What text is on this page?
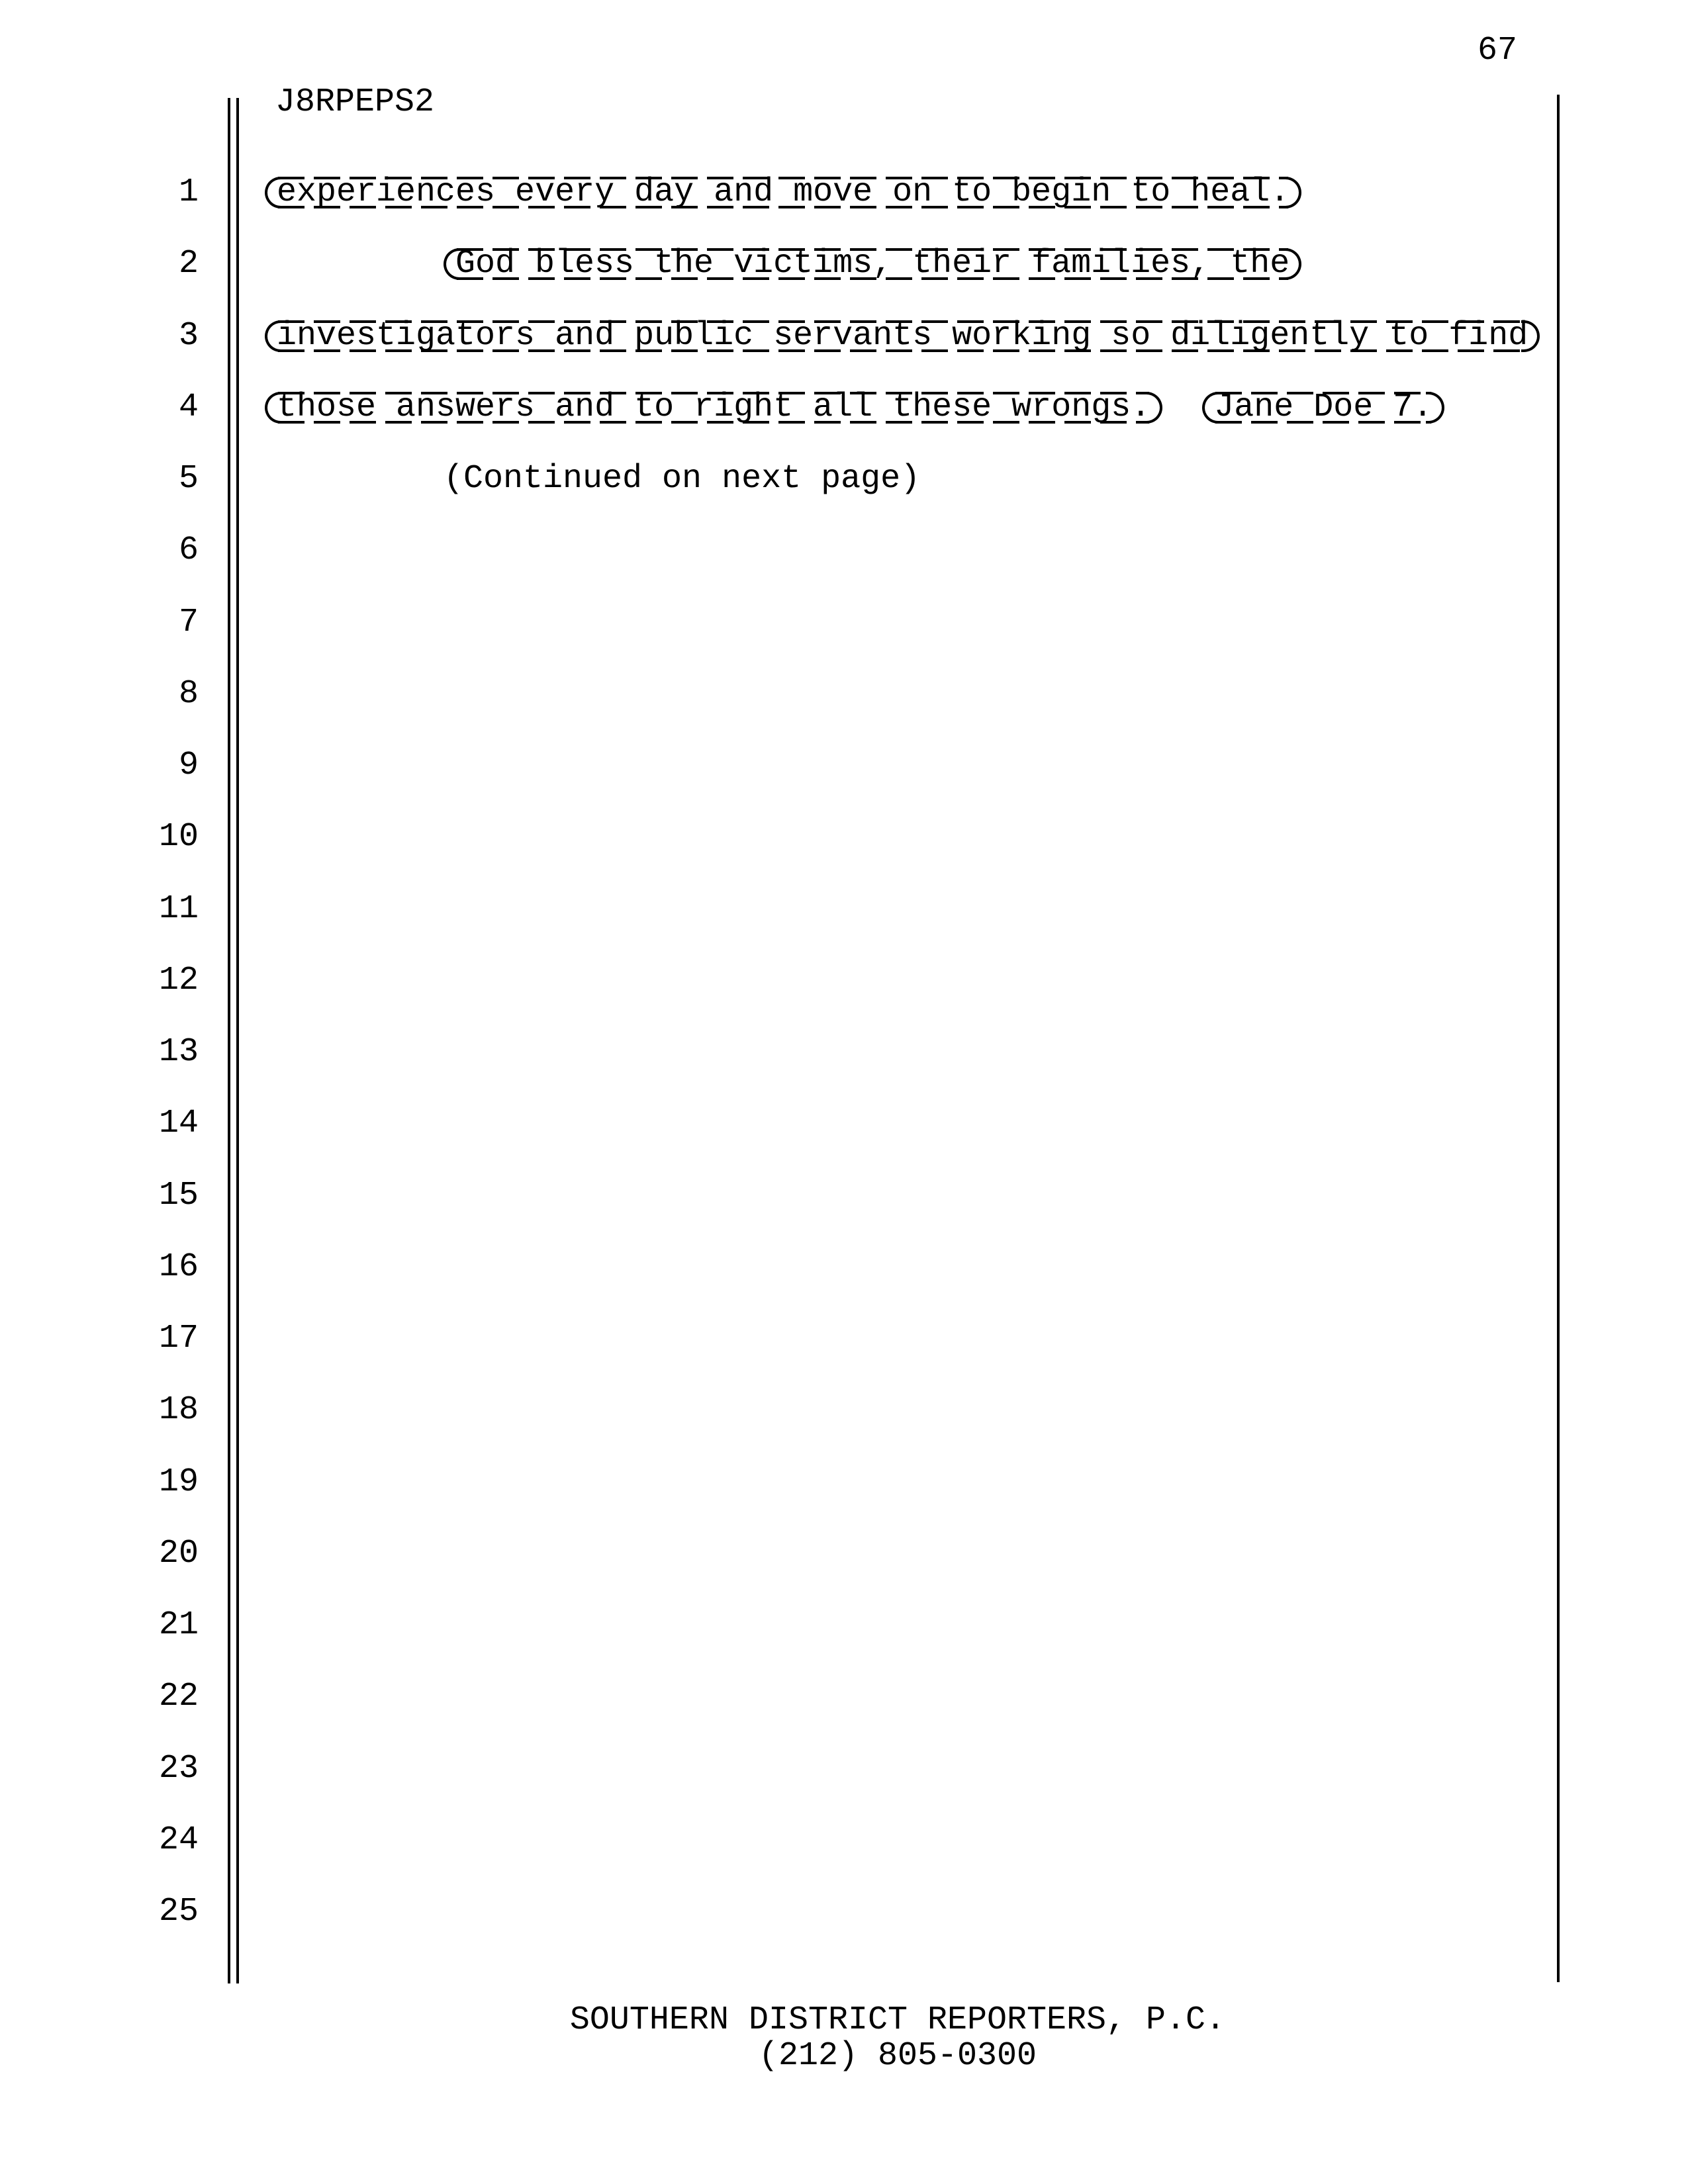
67
J8RPEPS2
1
2
3
4
5
6
7
8
9
10
11
12
13
14
15
16
17
18
19
20
21
22
23
24
25
experiences every day and move on to begin to heal.
God bless the victims, their families, the
investigators and public servants working so diligently to find
those answers and to right all these wrongs. Jane Doe 7.
(Continued on next page)
SOUTHERN DISTRICT REPORTERS, P.C.
(212) 805-0300
